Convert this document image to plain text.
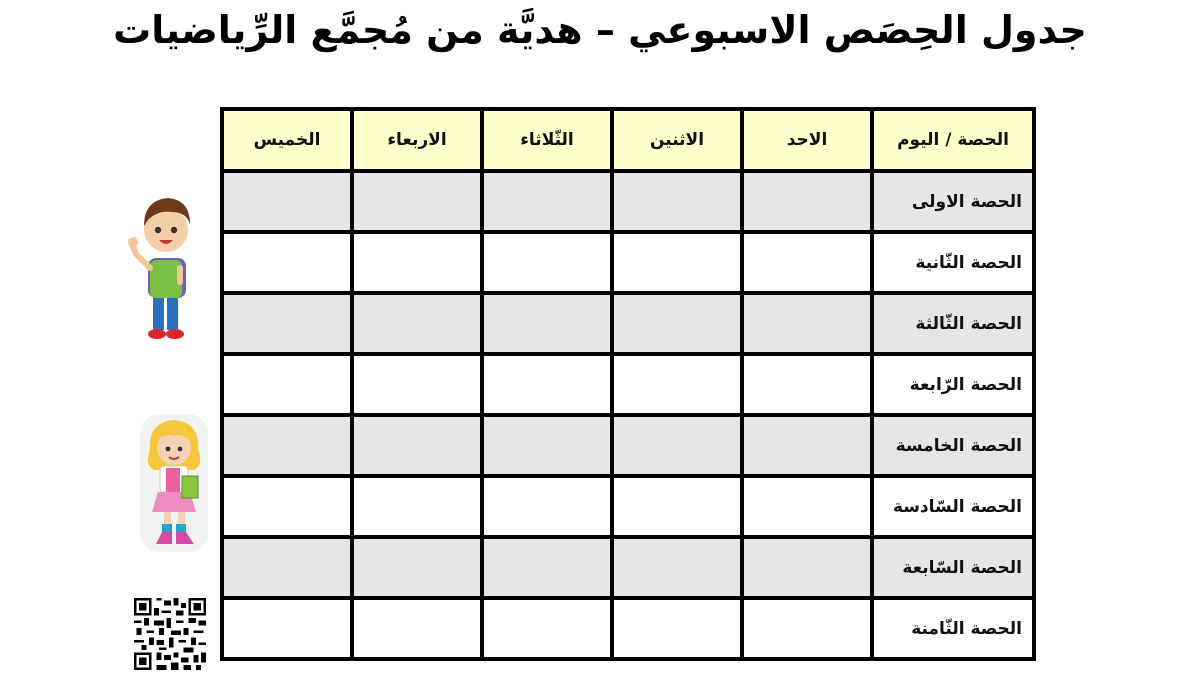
جدول الحِصَص الاسبوعي – هديَّة من مُجمَّع الرِّياضيات
الحصة / اليوم	الاحد	الاثنين	الثّلاثاء	الاربعاء	الخميس
الحصة الاولى					
الحصة الثّانية					
الحصة الثّالثة					
الحصة الرّابعة					
الحصة الخامسة					
الحصة السّادسة					
الحصة السّابعة					
الحصة الثّامنة					
